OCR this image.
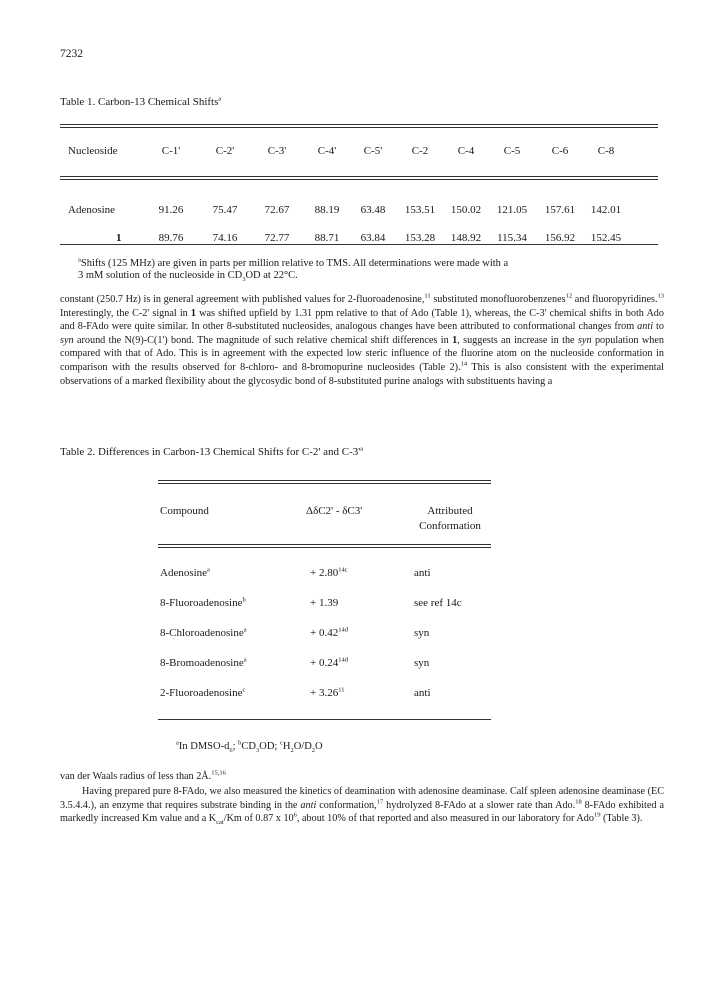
7232
Table 1. Carbon-13 Chemical Shifts$^a$
Nucleoside	C-1'	C-2'	C-3'	C-4'	C-5'	C-2	C-4	C-5	C-6	C-8
Adenosine	91.26	75.47	72.67	88.19	63.48	153.51	150.02	121.05	157.61	142.01
1	89.76	74.16	72.77	88.71	63.84	153.28	148.92	115.34	156.92	152.45
$^a$Shifts (125 MHz) are given in parts per million relative to TMS. All determinations were made with a
3 mM solution of the nucleoside in $CD_3OD$ at 22°C.

constant (250.7 Hz) is in general agreement with published values for 2-fluoroadenosine,$^{11}$ substituted monofluorobenzenes$^{12}$ and fluoropyridines.$^{13}$ Interestingly, the C-2' signal in 1 was shifted upfield by 1.31 ppm relative to that of Ado (Table 1), whereas, the C-3' chemical shifts in both Ado and 8-FAdo were quite similar. In other 8-substituted nucleosides, analogous changes have been attributed to conformational changes from anti to syn around the N(9)-C(1') bond. The magnitude of such relative chemical shift differences in 1, suggests an increase in the syn population when compared with that of Ado. This is in agreement with the expected low steric influence of the fluorine atom on the nucleoside conformation in comparison with the results observed for 8-chloro- and 8-bromopurine nucleosides (Table 2).$^{14}$ This is also consistent with the experimental observations of a marked flexibility about the glycosydic bond of 8-substituted purine analogs with substituents having a

Table 2. Differences in Carbon-13 Chemical Shifts for C-2' and $C-3'^a$
Compound	ΔδC2' - δC3'	Attributed
Conformation
Adenosine$^a$	+ $2.80^{14c}$	anti
8-Fluoroadenosine$^b$	+ 1.39	see ref 14c
8-Chloroadenosine$^a$	+ $0.42^{14d}$	syn
8-Bromoadenosine$^a$	+ $0.24^{14d}$	syn
2-Fluoroadenosine$^c$	+ $3.26^{11}$	anti
$^a$In DMSO-$d_6$; $^bCD_3OD$; $^cH_2O/D_2O$

van der Waals radius of less than 2Å.$^{15,16}$

Having prepared pure 8-FAdo, we also measured the kinetics of deamination with adenosine deaminase. Calf spleen adenosine deaminase (EC 3.5.4.4.), an enzyme that requires substrate binding in the anti conformation,$^{17}$ hydrolyzed 8-FAdo at a slower rate than Ado.$^{18}$ 8-FAdo exhibited a markedly increased Km value and a $K_{cat}/Km$ of 0.87 x $10^6$, about 10% of that reported and also measured in our laboratory for Ado$^{19}$ (Table 3).
